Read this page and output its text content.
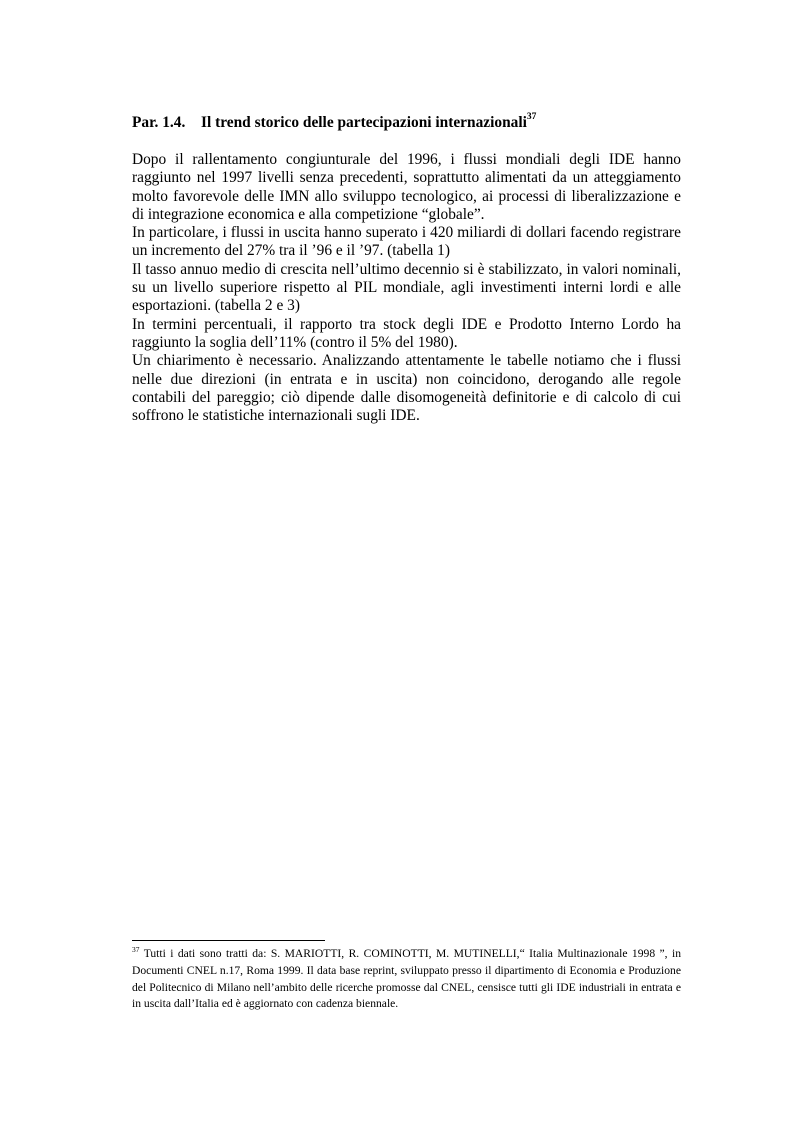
Par. 1.4. Il trend storico delle partecipazioni internazionali$^{37}$

Dopo il rallentamento congiunturale del 1996, i flussi mondiali degli IDE hanno raggiunto nel 1997 livelli senza precedenti, soprattutto alimentati da un atteggiamento molto favorevole delle IMN allo sviluppo tecnologico, ai processi di liberalizzazione e di integrazione economica e alla competizione “globale”.

In particolare, i flussi in uscita hanno superato i 420 miliardi di dollari facendo registrare un incremento del 27% tra il ’96 e il ’97. (tabella 1)

Il tasso annuo medio di crescita nell’ultimo decennio si è stabilizzato, in valori nominali, su un livello superiore rispetto al PIL mondiale, agli investimenti interni lordi e alle esportazioni. (tabella 2 e 3)

In termini percentuali, il rapporto tra stock degli IDE e Prodotto Interno Lordo ha raggiunto la soglia dell’11% (contro il 5% del 1980).

Un chiarimento è necessario. Analizzando attentamente le tabelle notiamo che i flussi nelle due direzioni (in entrata e in uscita) non coincidono, derogando alle regole contabili del pareggio; ciò dipende dalle disomogeneità definitorie e di calcolo di cui soffrono le statistiche internazionali sugli IDE.

$^{37}$ Tutti i dati sono tratti da: S. MARIOTTI, R. COMINOTTI, M. MUTINELLI,“ Italia Multinazionale 1998 ”, in Documenti CNEL n.17, Roma 1999. Il data base reprint, sviluppato presso il dipartimento di Economia e Produzione del Politecnico di Milano nell’ambito delle ricerche promosse dal CNEL, censisce tutti gli IDE industriali in entrata e in uscita dall’Italia ed è aggiornato con cadenza biennale.
